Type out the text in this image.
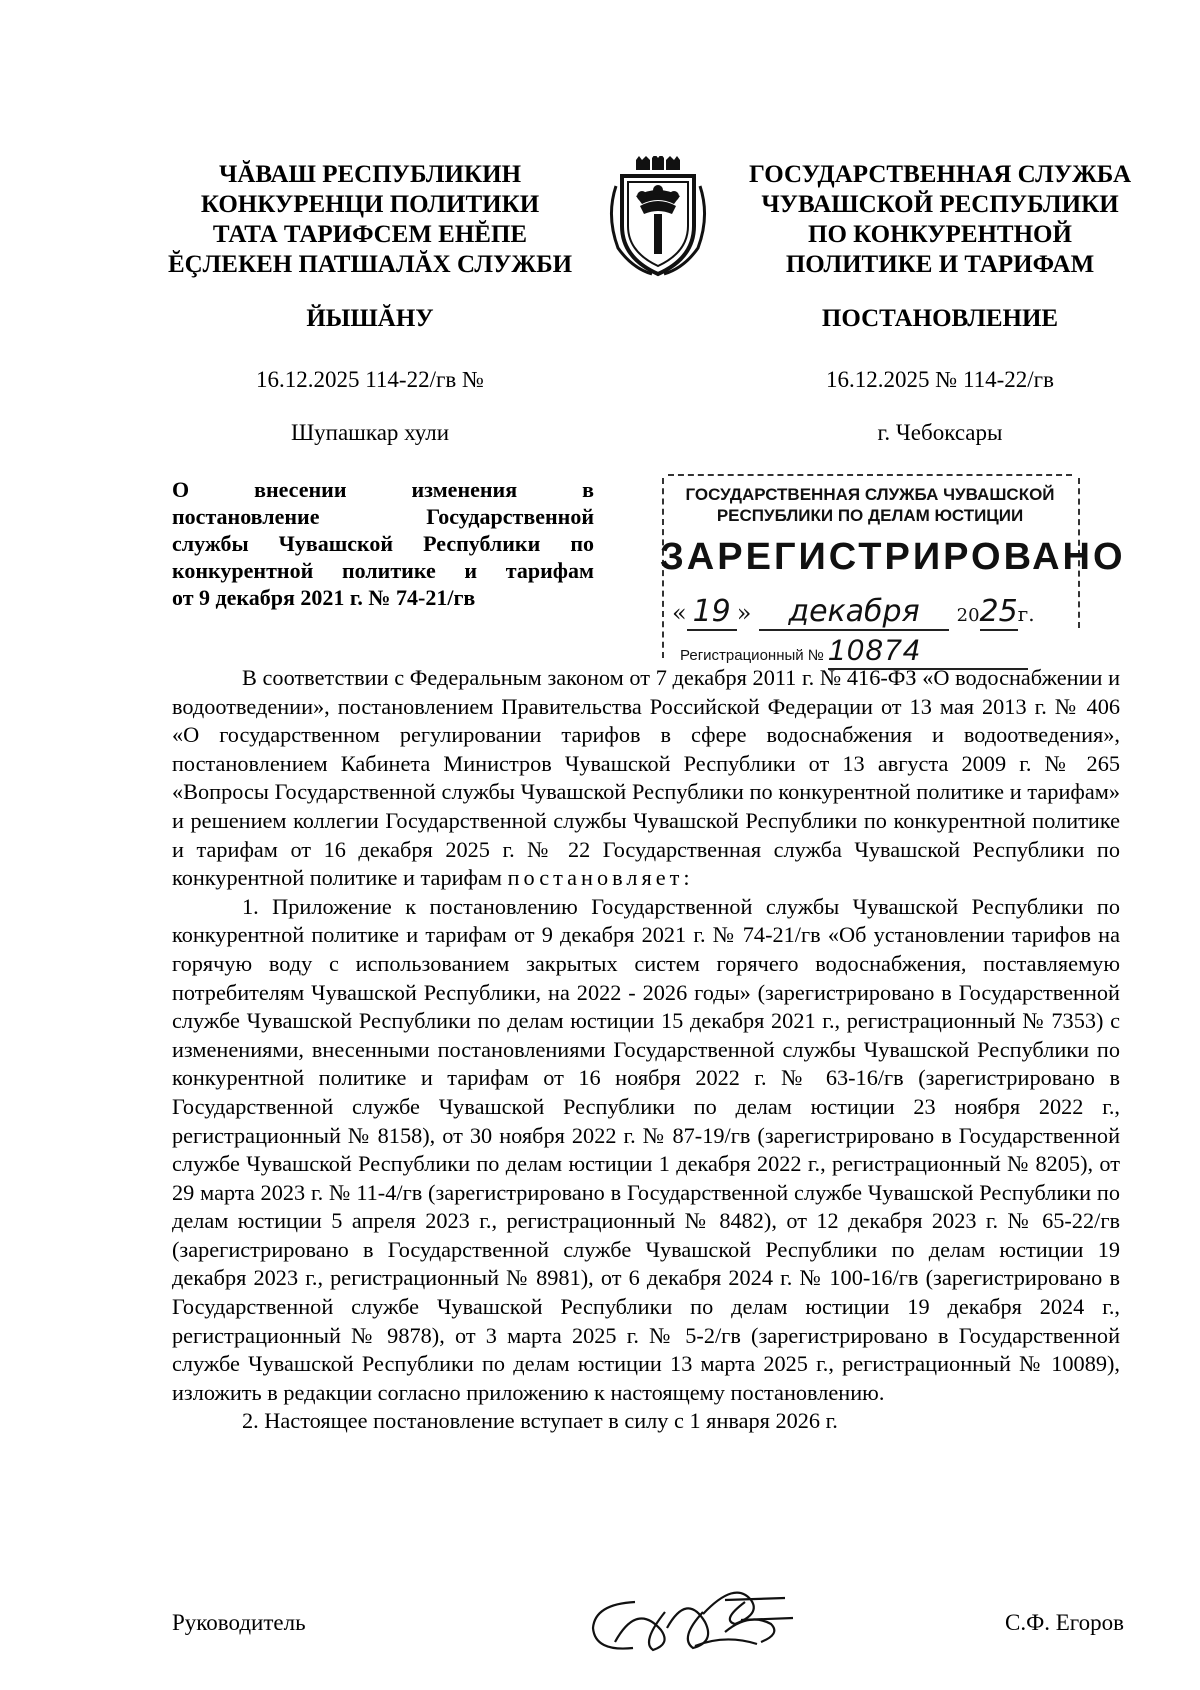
ЧĂВАШ РЕСПУБЛИКИН
КОНКУРЕНЦИ ПОЛИТИКИ
ТАТА ТАРИФСЕМ ЕНĔПЕ
ĔÇЛЕКЕН ПАТШАЛĂХ СЛУЖБИ
ЙЫШĂНУ
16.12.2025 114-22/гв №
Шупашкар хули
ГОСУДАРСТВЕННАЯ СЛУЖБА
ЧУВАШСКОЙ РЕСПУБЛИКИ
ПО КОНКУРЕНТНОЙ
ПОЛИТИКЕ И ТАРИФАМ
ПОСТАНОВЛЕНИЕ
16.12.2025 № 114-22/гв
г. Чебоксары
О внесении изменения в
постановление Государственной
службы Чувашской Республики по
конкурентной политике и тарифам
от 9 декабря 2021 г. № 74-21/гв
ГОСУДАРСТВЕННАЯ СЛУЖБА ЧУВАШСКОЙ
РЕСПУБЛИКИ ПО ДЕЛАМ ЮСТИЦИИ
ЗАРЕГИСТРИРОВАНО
« 19 » декабря 2025г.
Регистрационный № 10874

В соответствии с Федеральным законом от 7 декабря 2011 г. № 416-ФЗ «О водоснабжении и водоотведении», постановлением Правительства Российской Федерации от 13 мая 2013 г. № 406 «О государственном регулировании тарифов в сфере водоснабжения и водоотведения», постановлением Кабинета Министров Чувашской Республики от 13 августа 2009 г. № 265 «Вопросы Государственной службы Чувашской Республики по конкурентной политике и тарифам» и решением коллегии Государственной службы Чувашской Республики по конкурентной политике и тарифам от 16 декабря 2025 г. № 22 Государственная служба Чувашской Республики по конкурентной политике и тарифам постановляет:

1. Приложение к постановлению Государственной службы Чувашской Республики по конкурентной политике и тарифам от 9 декабря 2021 г. № 74-21/гв «Об установлении тарифов на горячую воду с использованием закрытых систем горячего водоснабжения, поставляемую потребителям Чувашской Республики, на 2022 - 2026 годы» (зарегистрировано в Государственной службе Чувашской Республики по делам юстиции 15 декабря 2021 г., регистрационный № 7353) с изменениями, внесенными постановлениями Государственной службы Чувашской Республики по конкурентной политике и тарифам от 16 ноября 2022 г. № 63-16/гв (зарегистрировано в Государственной службе Чувашской Республики по делам юстиции 23 ноября 2022 г., регистрационный № 8158), от 30 ноября 2022 г. № 87-19/гв (зарегистрировано в Государственной службе Чувашской Республики по делам юстиции 1 декабря 2022 г., регистрационный № 8205), от 29 марта 2023 г. № 11-4/гв (зарегистрировано в Государственной службе Чувашской Республики по делам юстиции 5 апреля 2023 г., регистрационный № 8482), от 12 декабря 2023 г. № 65-22/гв (зарегистрировано в Государственной службе Чувашской Республики по делам юстиции 19 декабря 2023 г., регистрационный № 8981), от 6 декабря 2024 г. № 100-16/гв (зарегистрировано в Государственной службе Чувашской Республики по делам юстиции 19 декабря 2024 г., регистрационный № 9878), от 3 марта 2025 г. № 5-2/гв (зарегистрировано в Государственной службе Чувашской Республики по делам юстиции 13 марта 2025 г., регистрационный № 10089), изложить в редакции согласно приложению к настоящему постановлению.

2. Настоящее постановление вступает в силу с 1 января 2026 г.

Руководитель	С.Ф. Егоров
